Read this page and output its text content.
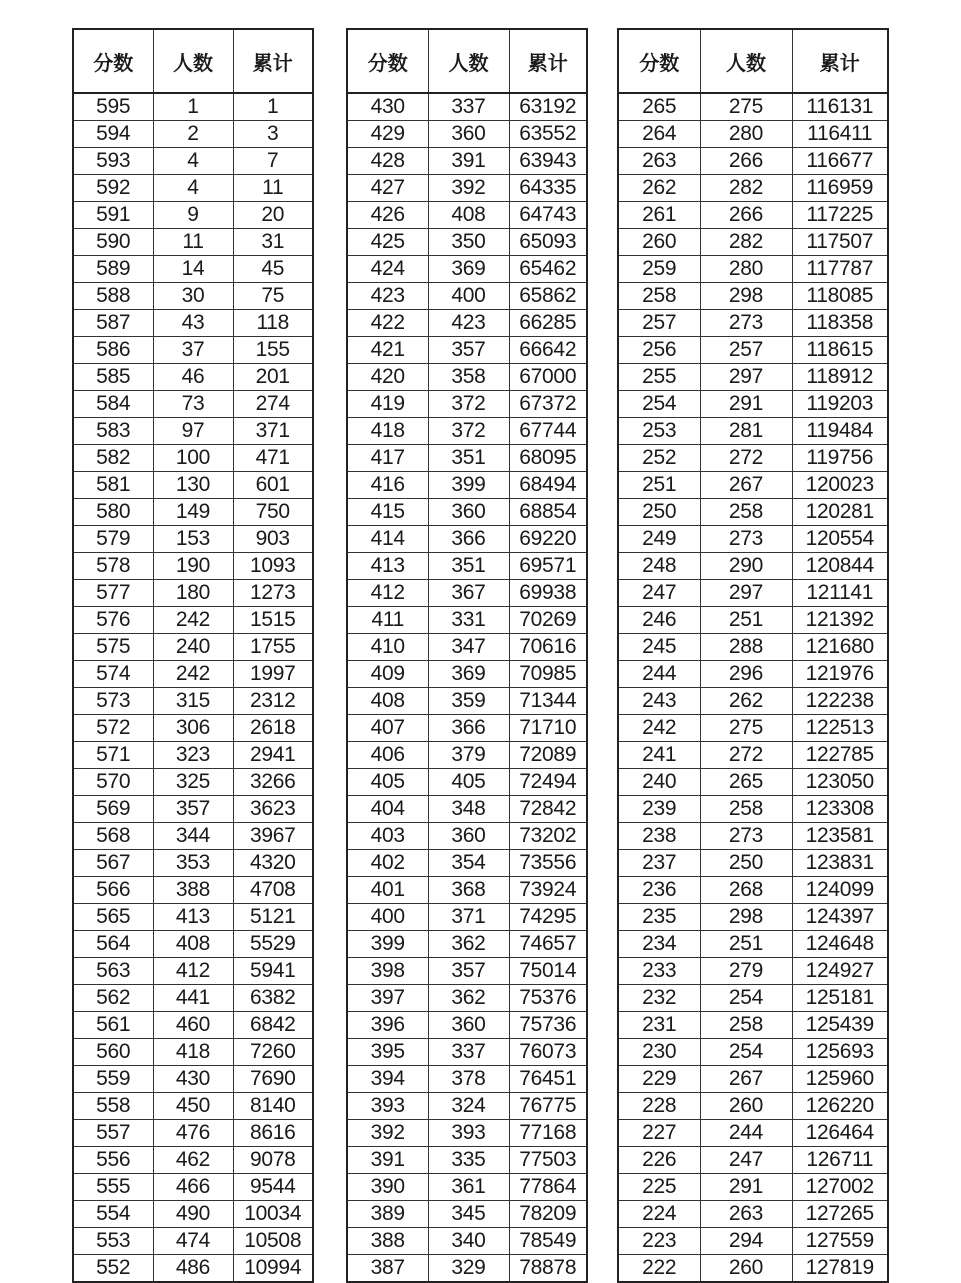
分数	人数	累计
595	1	1
594	2	3
593	4	7
592	4	11
591	9	20
590	11	31
589	14	45
588	30	75
587	43	118
586	37	155
585	46	201
584	73	274
583	97	371
582	100	471
581	130	601
580	149	750
579	153	903
578	190	1093
577	180	1273
576	242	1515
575	240	1755
574	242	1997
573	315	2312
572	306	2618
571	323	2941
570	325	3266
569	357	3623
568	344	3967
567	353	4320
566	388	4708
565	413	5121
564	408	5529
563	412	5941
562	441	6382
561	460	6842
560	418	7260
559	430	7690
558	450	8140
557	476	8616
556	462	9078
555	466	9544
554	490	10034
553	474	10508
552	486	10994
分数	人数	累计
430	337	63192
429	360	63552
428	391	63943
427	392	64335
426	408	64743
425	350	65093
424	369	65462
423	400	65862
422	423	66285
421	357	66642
420	358	67000
419	372	67372
418	372	67744
417	351	68095
416	399	68494
415	360	68854
414	366	69220
413	351	69571
412	367	69938
411	331	70269
410	347	70616
409	369	70985
408	359	71344
407	366	71710
406	379	72089
405	405	72494
404	348	72842
403	360	73202
402	354	73556
401	368	73924
400	371	74295
399	362	74657
398	357	75014
397	362	75376
396	360	75736
395	337	76073
394	378	76451
393	324	76775
392	393	77168
391	335	77503
390	361	77864
389	345	78209
388	340	78549
387	329	78878
分数	人数	累计
265	275	116131
264	280	116411
263	266	116677
262	282	116959
261	266	117225
260	282	117507
259	280	117787
258	298	118085
257	273	118358
256	257	118615
255	297	118912
254	291	119203
253	281	119484
252	272	119756
251	267	120023
250	258	120281
249	273	120554
248	290	120844
247	297	121141
246	251	121392
245	288	121680
244	296	121976
243	262	122238
242	275	122513
241	272	122785
240	265	123050
239	258	123308
238	273	123581
237	250	123831
236	268	124099
235	298	124397
234	251	124648
233	279	124927
232	254	125181
231	258	125439
230	254	125693
229	267	125960
228	260	126220
227	244	126464
226	247	126711
225	291	127002
224	263	127265
223	294	127559
222	260	127819
